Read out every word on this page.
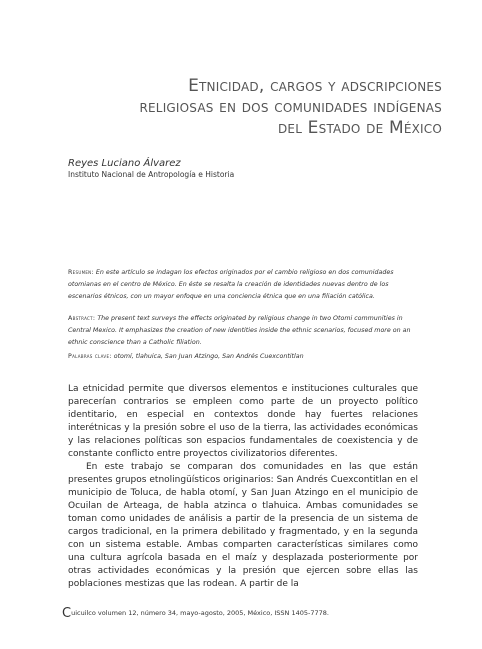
Etnicidad, cargos y adscripciones
religiosas en dos comunidades indígenas
del Estado de México

Reyes Luciano Álvarez

Instituto Nacional de Antropología e Historia

Resumen: En este artículo se indagan los efectos originados por el cambio religioso en dos comunidades otomianas en el centro de México. En éste se resalta la creación de identidades nuevas dentro de los escenarios étnicos, con un mayor enfoque en una conciencia étnica que en una filiación católica.

Abstract: The present text surveys the effects originated by religious change in two Otomi communities in Central Mexico. It emphasizes the creation of new identities inside the ethnic scenarios, focused more on an ethnic conscience than a Catholic filiation.

Palabras clave: otomí, tlahuica, San Juan Atzingo, San Andrés Cuexcontitlan

La etnicidad permite que diversos elementos e instituciones culturales que parecerían contrarios se empleen como parte de un proyecto político identitario, en especial en contextos donde hay fuertes relaciones interétnicas y la presión sobre el uso de la tierra, las actividades económicas y las relaciones políticas son espacios fundamentales de coexistencia y de constante conflicto entre proyectos civilizatorios diferentes.

En este trabajo se comparan dos comunidades en las que están presentes grupos etnolingüísticos originarios: San Andrés Cuexcontitlan en el municipio de Toluca, de habla otomí, y San Juan Atzingo en el municipio de Ocuilan de Arteaga, de habla atzinca o tlahuica. Ambas comunidades se toman como unidades de análisis a partir de la presencia de un sistema de cargos tradicional, en la primera debilitado y fragmentado, y en la segunda con un sistema estable. Ambas comparten características similares como una cultura agrícola basada en el maíz y desplazada posteriormente por otras actividades económicas y la presión que ejercen sobre ellas las poblaciones mestizas que las rodean. A partir de la

Cuicuilco volumen 12, número 34, mayo-agosto, 2005, México, ISSN 1405-7778.
